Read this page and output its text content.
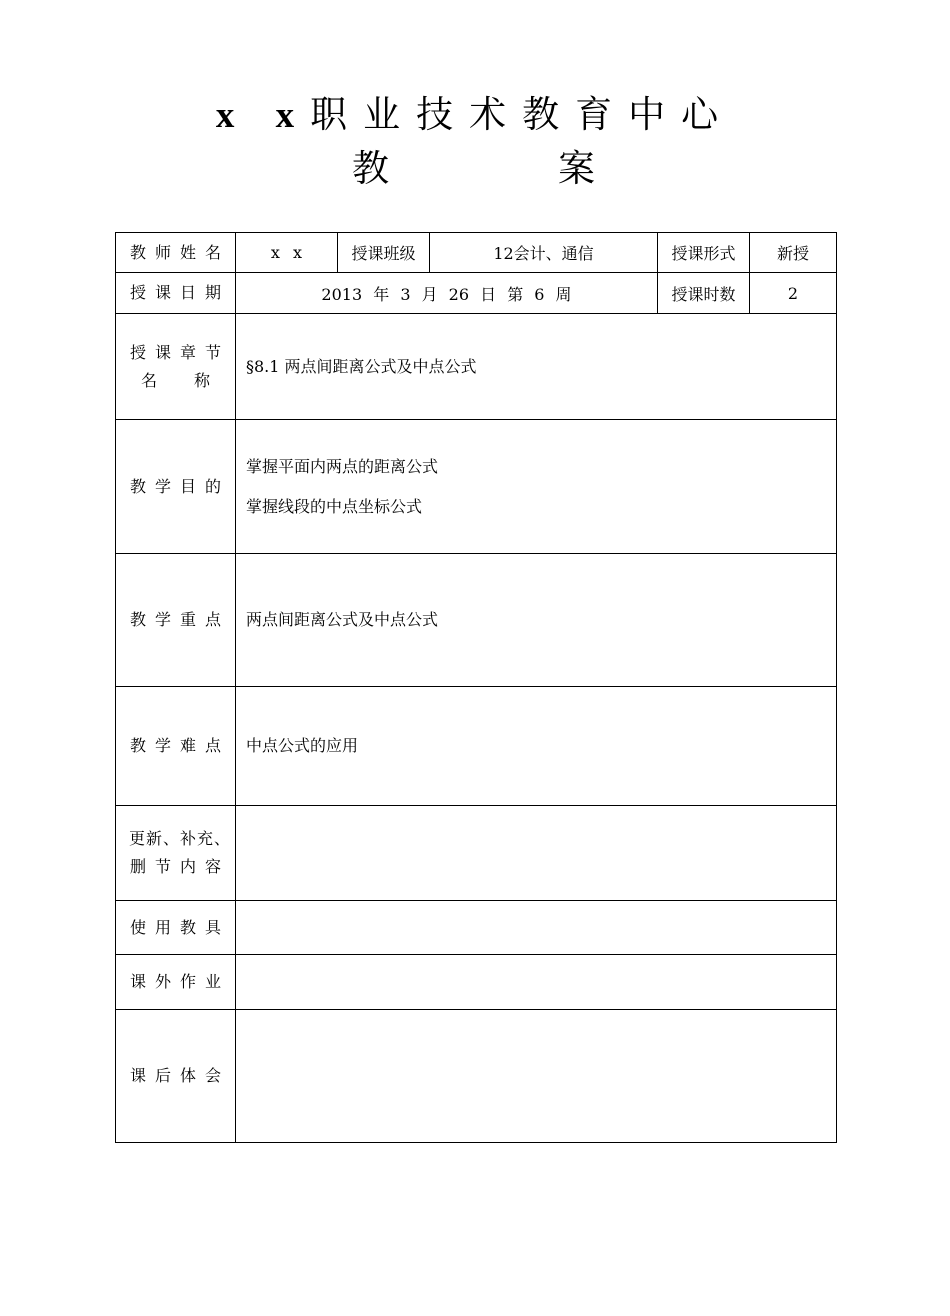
x x职业技术教育中心
教	案
教师姓名	x x	授课班级	12会计、通信	授课形式	新授
授课日期	2013 年 3 月 26 日 第 6 周			授课时数	2

授课章节
名 称	§8.1 两点间距离公式及中点公式				
教学目的	掌握平面内两点的距离公式

掌握线段的中点坐标公式				

教学重点	两点间距离公式及中点公式				
教学难点	中点公式的应用				

更新、补充、
删节内容					

使用教具					
课外作业					
课后体会					
